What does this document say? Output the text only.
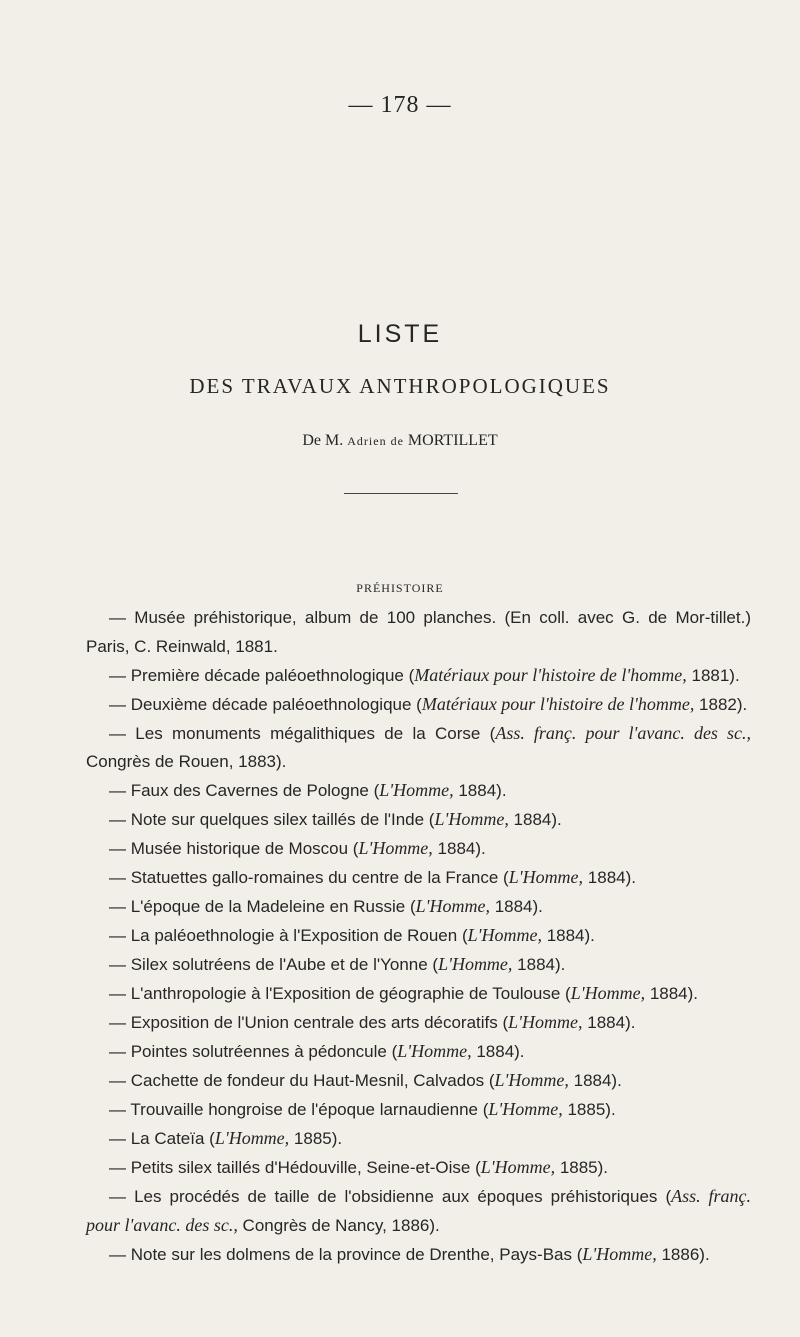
— 178 —
LISTE
DES TRAVAUX ANTHROPOLOGIQUES
De M. Adrien de MORTILLET
PRÉHISTOIRE

— Musée préhistorique, album de 100 planches. (En coll. avec G. de Mor-tillet.) Paris, C. Reinwald, 1881.

— Première décade paléoethnologique (Matériaux pour l'histoire de l'homme, 1881).

— Deuxième décade paléoethnologique (Matériaux pour l'histoire de l'homme, 1882).

— Les monuments mégalithiques de la Corse (Ass. franç. pour l'avanc. des sc., Congrès de Rouen, 1883).

— Faux des Cavernes de Pologne (L'Homme, 1884).

— Note sur quelques silex taillés de l'Inde (L'Homme, 1884).

— Musée historique de Moscou (L'Homme, 1884).

— Statuettes gallo-romaines du centre de la France (L'Homme, 1884).

— L'époque de la Madeleine en Russie (L'Homme, 1884).

— La paléoethnologie à l'Exposition de Rouen (L'Homme, 1884).

— Silex solutréens de l'Aube et de l'Yonne (L'Homme, 1884).

— L'anthropologie à l'Exposition de géographie de Toulouse (L'Homme, 1884).

— Exposition de l'Union centrale des arts décoratifs (L'Homme, 1884).

— Pointes solutréennes à pédoncule (L'Homme, 1884).

— Cachette de fondeur du Haut-Mesnil, Calvados (L'Homme, 1884).

— Trouvaille hongroise de l'époque larnaudienne (L'Homme, 1885).

— La Cateïa (L'Homme, 1885).

— Petits silex taillés d'Hédouville, Seine-et-Oise (L'Homme, 1885).

— Les procédés de taille de l'obsidienne aux époques préhistoriques (Ass. franç. pour l'avanc. des sc., Congrès de Nancy, 1886).

— Note sur les dolmens de la province de Drenthe, Pays-Bas (L'Homme, 1886).
